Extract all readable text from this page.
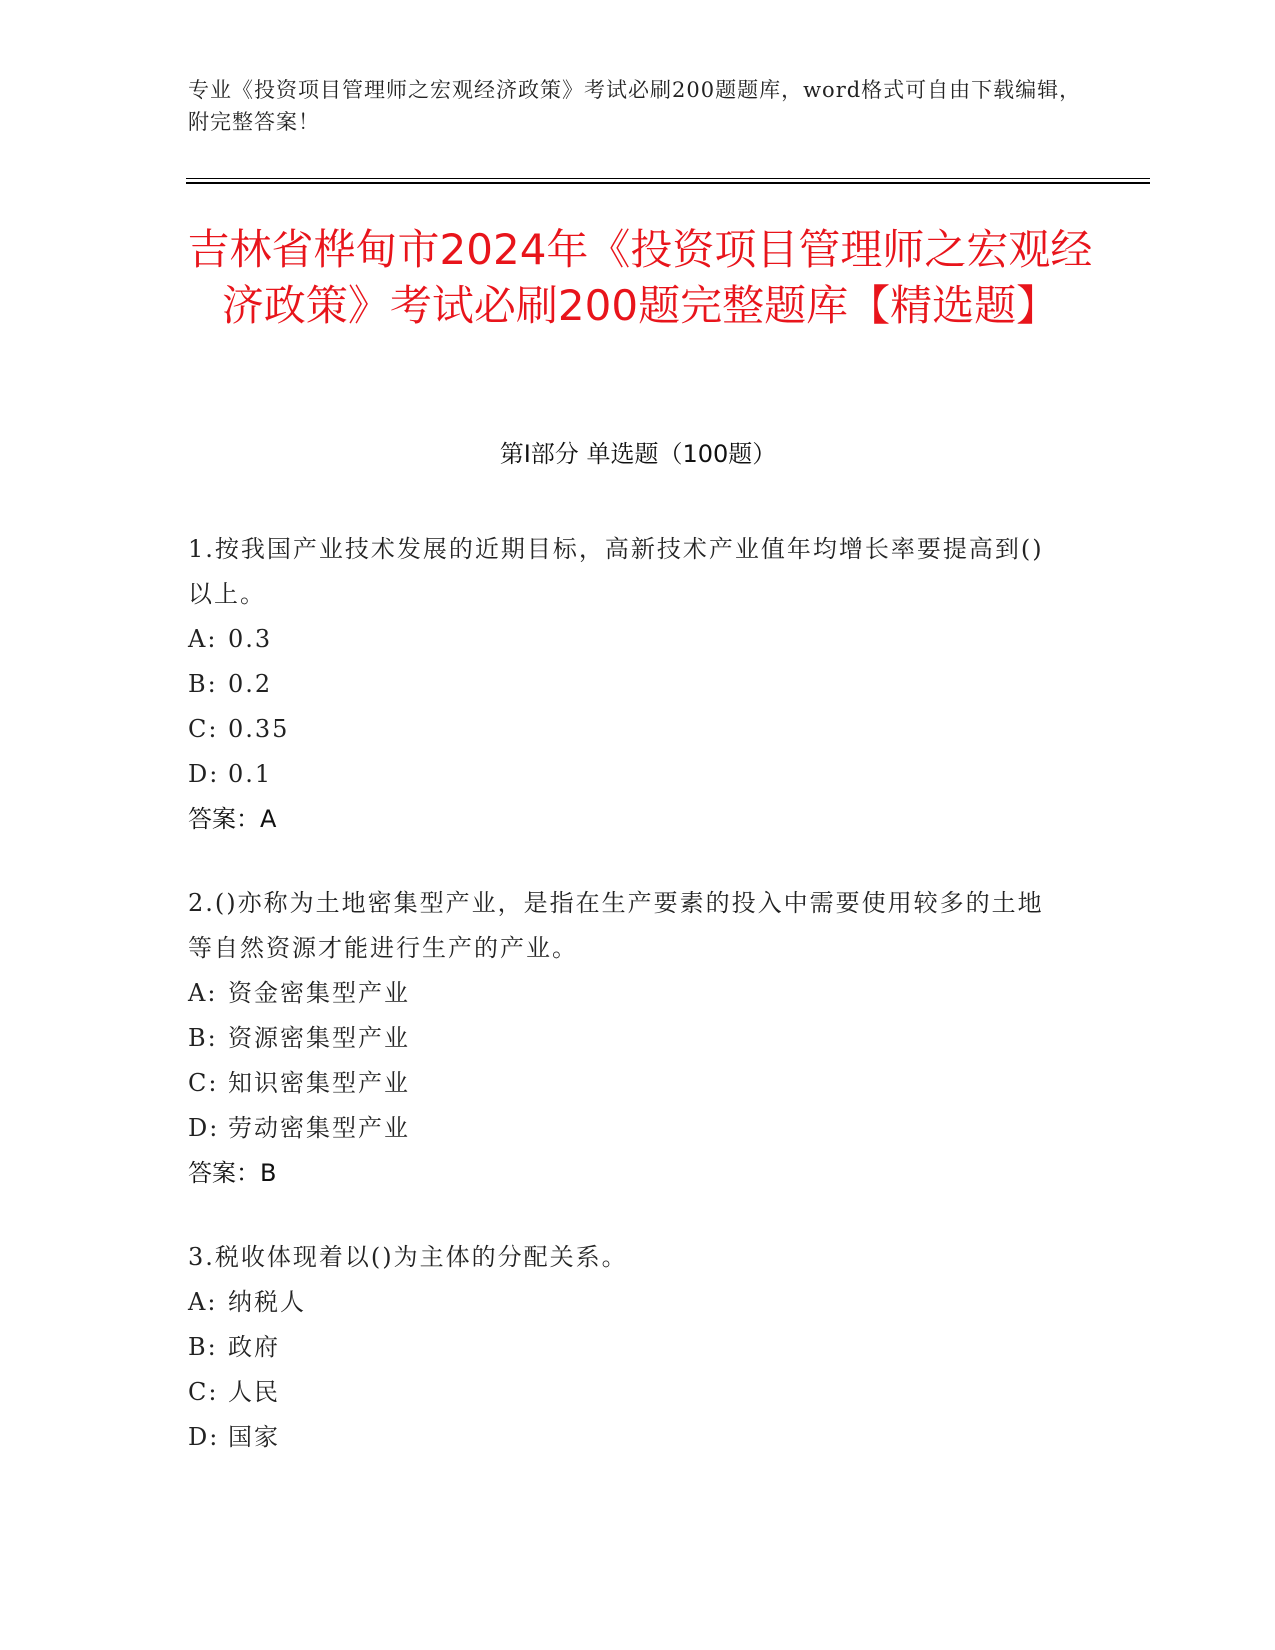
专业《投资项目管理师之宏观经济政策》考试必刷200题题库，word格式可自由下载编辑，附完整答案！
吉林省桦甸市2024年《投资项目管理师之宏观经济政策》考试必刷200题完整题库【精选题】
第I部分 单选题（100题）

1.按我国产业技术发展的近期目标，高新技术产业值年均增长率要提高到()以上。

A: 0.3
B: 0.2
C: 0.35
D: 0.1
答案：A

2.()亦称为土地密集型产业，是指在生产要素的投入中需要使用较多的土地等自然资源才能进行生产的产业。

A: 资金密集型产业
B: 资源密集型产业
C: 知识密集型产业
D: 劳动密集型产业
答案：B

3.税收体现着以()为主体的分配关系。

A: 纳税人
B: 政府
C: 人民
D: 国家
